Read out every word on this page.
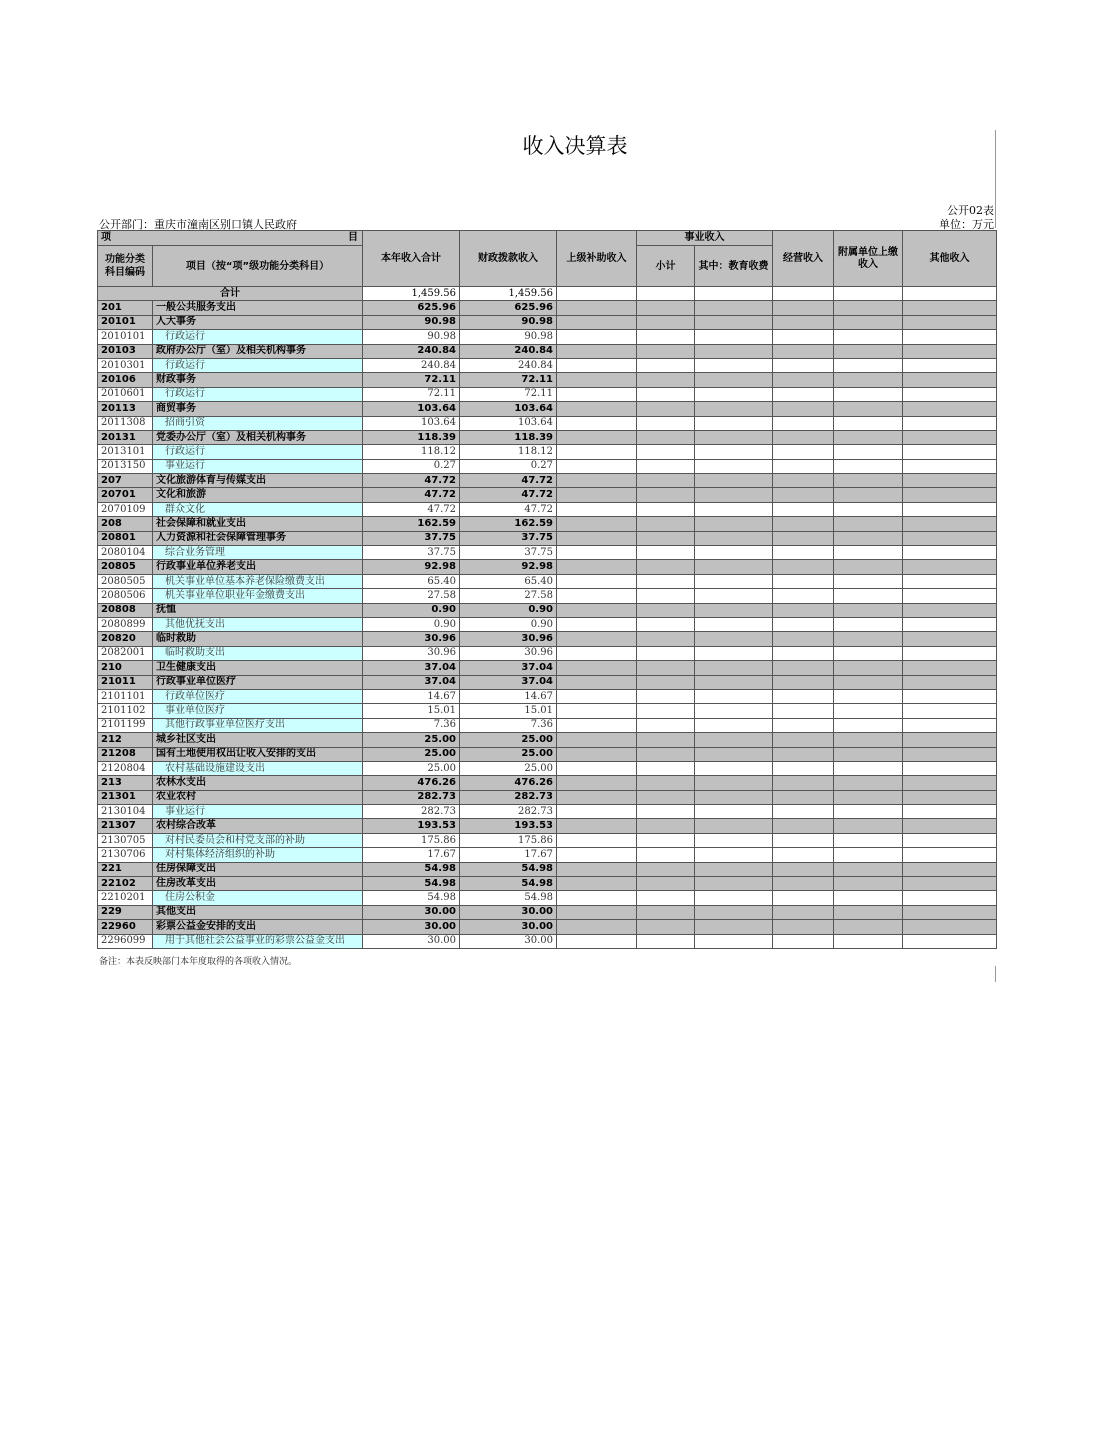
收入决算表
公开02表
公开部门：重庆市潼南区别口镇人民政府	单位：万元
项 目		本年收入合计	财政拨款收入	上级补助收入	事业收入		经营收入	附属单位上缴收入	其他收入
功能分类科目编码	项目（按“项”级功能分类科目）				小计	其中：教育收费			
合计		1,459.56	1,459.56						
201	一般公共服务支出	625.96	625.96						
20101	人大事务	90.98	90.98						
2010101	行政运行	90.98	90.98						
20103	政府办公厅（室）及相关机构事务	240.84	240.84						
2010301	行政运行	240.84	240.84						
20106	财政事务	72.11	72.11						
2010601	行政运行	72.11	72.11						
20113	商贸事务	103.64	103.64						
2011308	招商引资	103.64	103.64						
20131	党委办公厅（室）及相关机构事务	118.39	118.39						
2013101	行政运行	118.12	118.12						
2013150	事业运行	0.27	0.27						
207	文化旅游体育与传媒支出	47.72	47.72						
20701	文化和旅游	47.72	47.72						
2070109	群众文化	47.72	47.72						
208	社会保障和就业支出	162.59	162.59						
20801	人力资源和社会保障管理事务	37.75	37.75						
2080104	综合业务管理	37.75	37.75						
20805	行政事业单位养老支出	92.98	92.98						
2080505	机关事业单位基本养老保险缴费支出	65.40	65.40						
2080506	机关事业单位职业年金缴费支出	27.58	27.58						
20808	抚恤	0.90	0.90						
2080899	其他优抚支出	0.90	0.90						
20820	临时救助	30.96	30.96						
2082001	临时救助支出	30.96	30.96						
210	卫生健康支出	37.04	37.04						
21011	行政事业单位医疗	37.04	37.04						
2101101	行政单位医疗	14.67	14.67						
2101102	事业单位医疗	15.01	15.01						
2101199	其他行政事业单位医疗支出	7.36	7.36						
212	城乡社区支出	25.00	25.00						
21208	国有土地使用权出让收入安排的支出	25.00	25.00						
2120804	农村基础设施建设支出	25.00	25.00						
213	农林水支出	476.26	476.26						
21301	农业农村	282.73	282.73						
2130104	事业运行	282.73	282.73						
21307	农村综合改革	193.53	193.53						
2130705	对村民委员会和村党支部的补助	175.86	175.86						
2130706	对村集体经济组织的补助	17.67	17.67						
221	住房保障支出	54.98	54.98						
22102	住房改革支出	54.98	54.98						
2210201	住房公积金	54.98	54.98						
229	其他支出	30.00	30.00						
22960	彩票公益金安排的支出	30.00	30.00						
2296099	用于其他社会公益事业的彩票公益金支出	30.00	30.00						
备注：本表反映部门本年度取得的各项收入情况。
